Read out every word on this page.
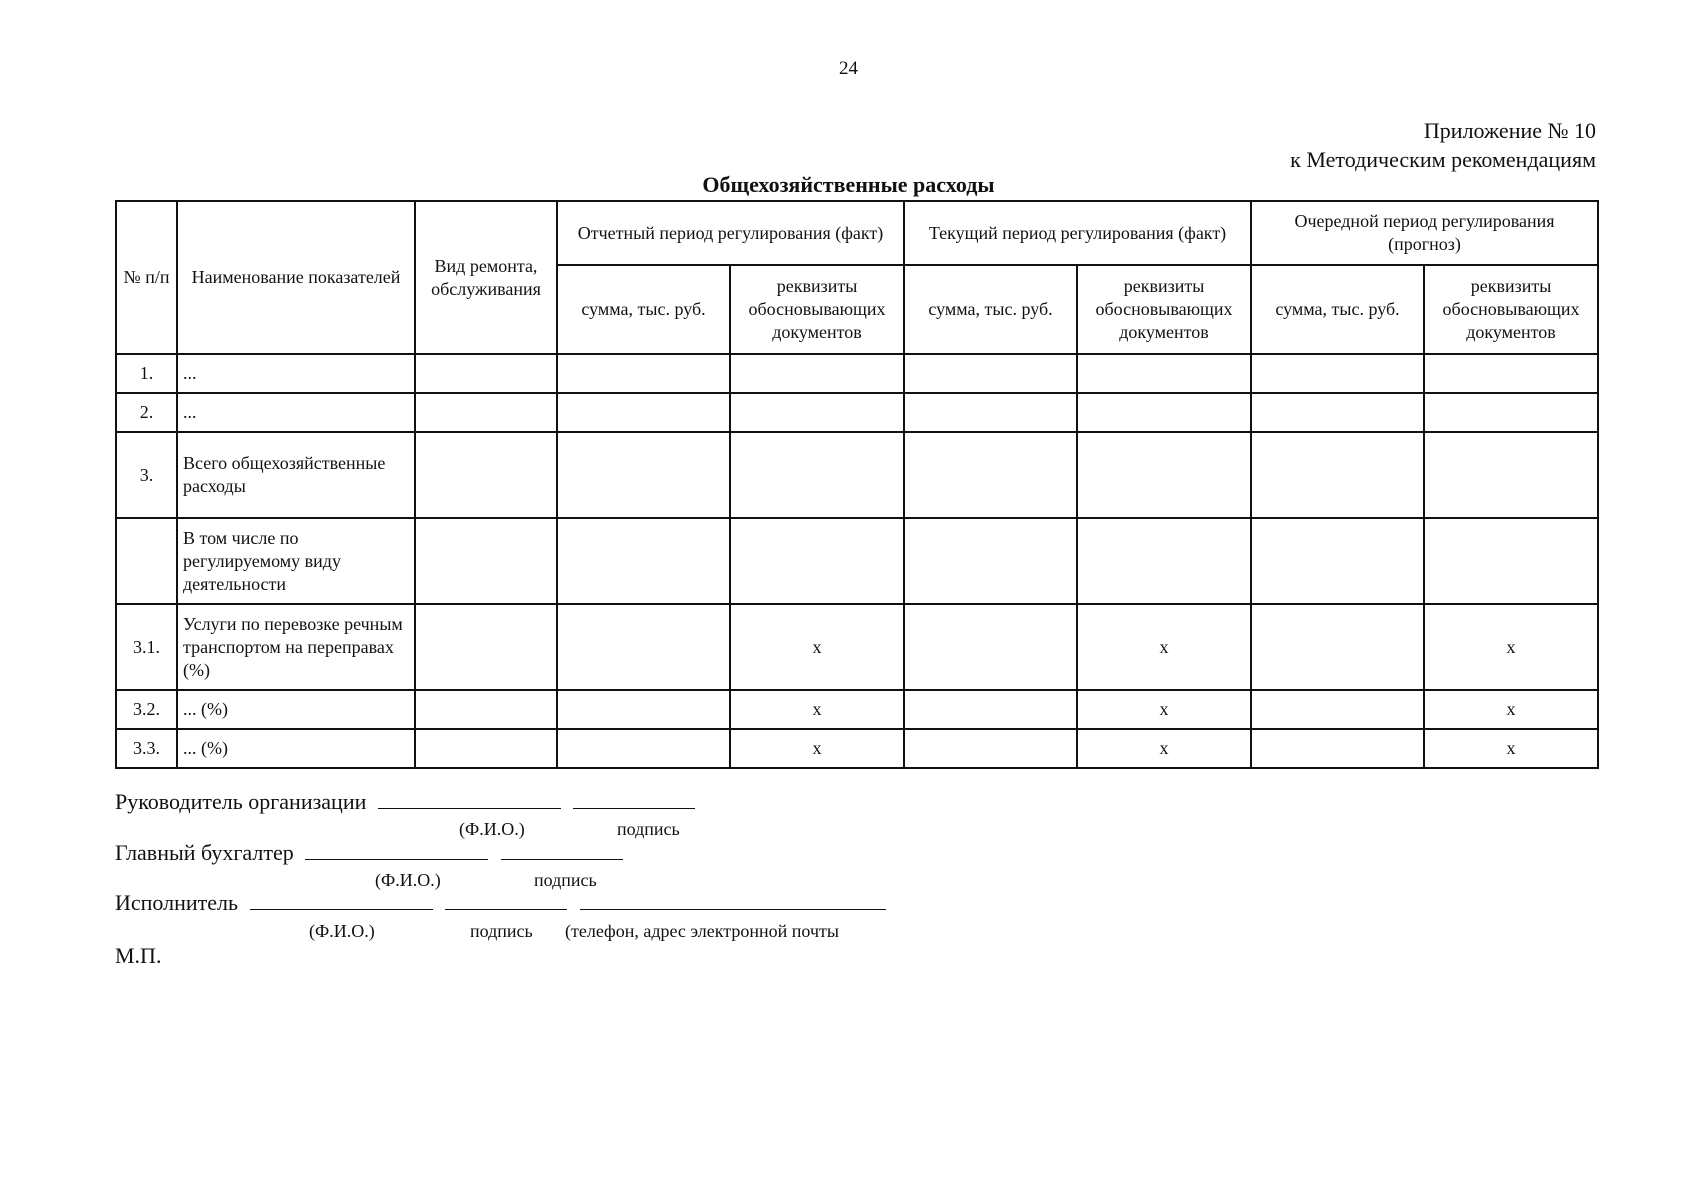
24
Приложение № 10
к Методическим рекомендациям
Общехозяйственные расходы
№ п/п	Наименование показателей	Вид ремонта, обслуживания	Отчетный период регулирования (факт)		Текущий период регулирования (факт)		Очередной период регулирования (прогноз)	
			сумма, тыс. руб.	реквизиты обосновывающих документов	сумма, тыс. руб.	реквизиты обосновывающих документов	сумма, тыс. руб.	реквизиты обосновывающих документов
1.	...							
2.	...							
3.	Всего общехозяйственные расходы							
	В том числе по регулируемому виду деятельности							
3.1.	Услуги по перевозке речным транспортом на переправах (%)			x		x		x
3.2.	... (%)			x		x		x
3.3.	... (%)			x		x		x
Руководитель организации
(Ф.И.О.)	подпись
Главный бухгалтер
(Ф.И.О.)	подпись
Исполнитель
(Ф.И.О.)	подпись (телефон, адрес электронной почты
М.П.
